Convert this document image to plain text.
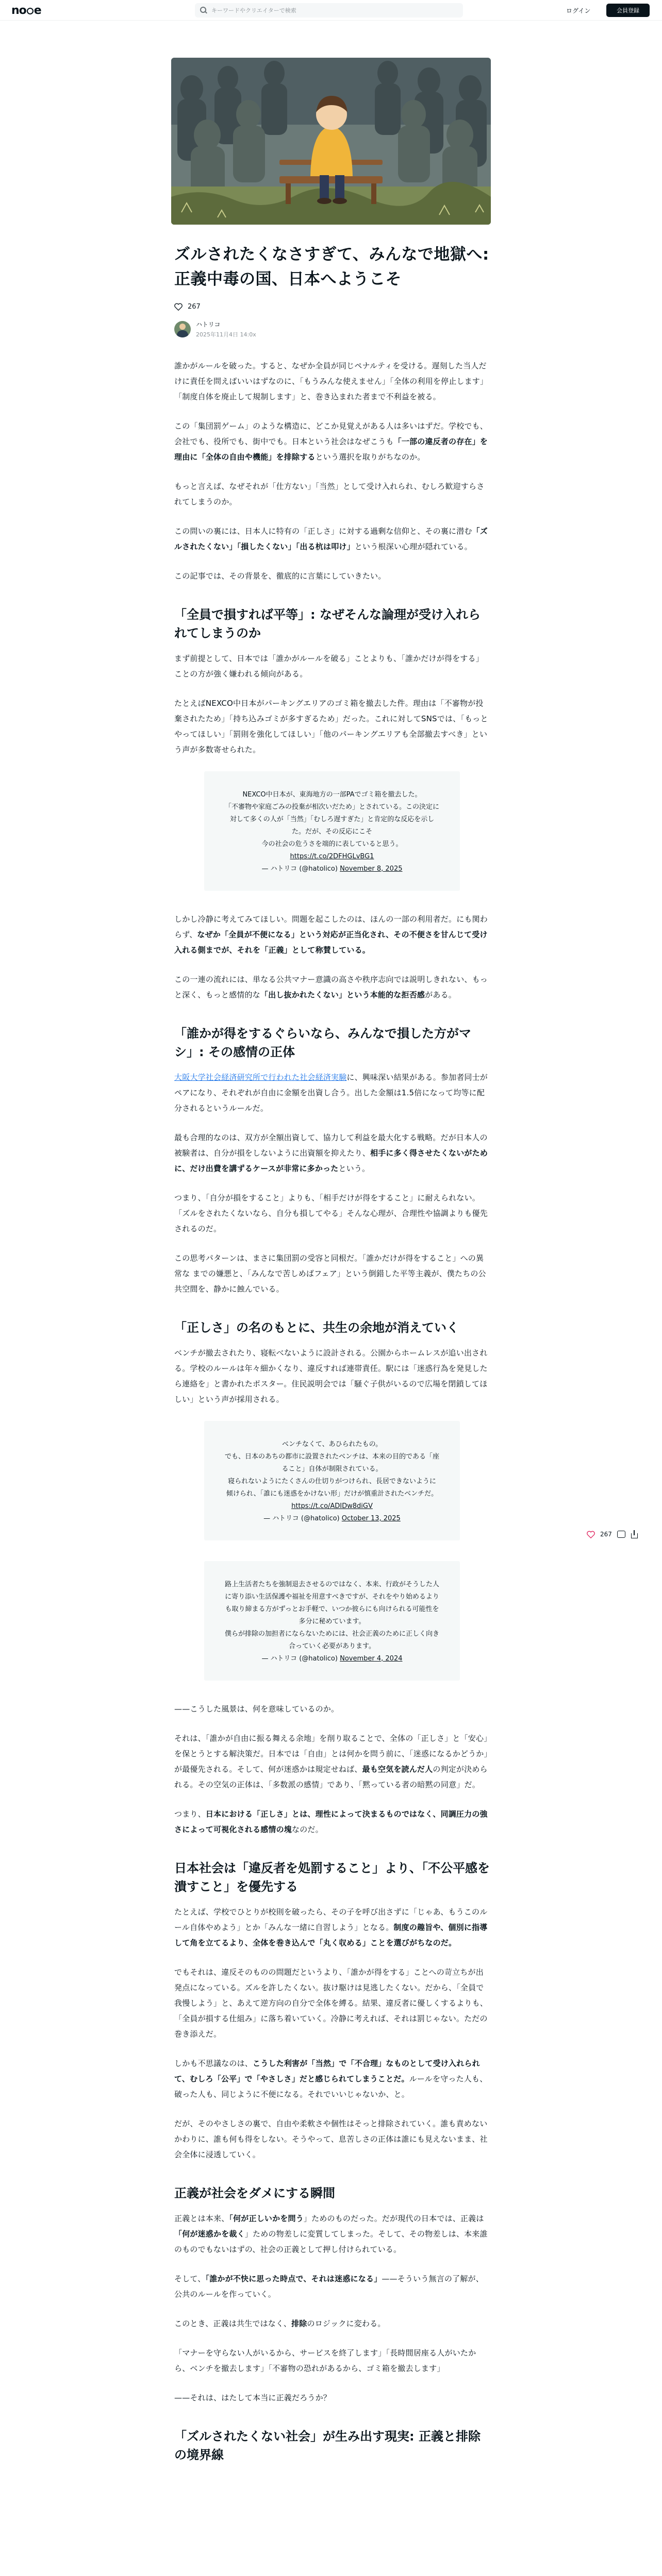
no e	キーワードやクリエイターで検索	ログイン	会員登録
ズルされたくなさすぎて、みんなで地獄へ: 正義中毒の国、日本へようこそ
267
ハトリコ
2025年11月4日 14:0x

誰かがルールを破った。すると、なぜか全員が同じペナルティを受ける。遅刻した当人だけに責任を問えばいいはずなのに、「もうみんな使えません」「全体の利用を停止します」「制度自体を廃止して規制します」と、巻き込まれた者まで不利益を被る。

この「集団罰ゲーム」のような構造に、どこか見覚えがある人は多いはずだ。学校でも、会社でも、役所でも、街中でも。日本という社会はなぜこうも「一部の違反者の存在」を理由に「全体の自由や機能」を排除するという選択を取りがちなのか。

もっと言えば、なぜそれが「仕方ない」「当然」として受け入れられ、むしろ歓迎すらされてしまうのか。

この問いの裏には、日本人に特有の「正しさ」に対する過剰な信仰と、その裏に潜む「ズルされたくない」「損したくない」「出る杭は叩け」という根深い心理が隠れている。

この記事では、その背景を、徹底的に言葉にしていきたい。

「全員で損すれば平等」: なぜそんな論理が受け入れられてしまうのか

まず前提として、日本では「誰かがルールを破る」ことよりも、「誰かだけが得をする」ことの方が強く嫌われる傾向がある。

たとえばNEXCO中日本がパーキングエリアのゴミ箱を撤去した件。理由は「不審物が投棄されたため」「持ち込みゴミが多すぎるため」だった。これに対してSNSでは、「もっとやってほしい」「罰則を強化してほしい」「他のパーキングエリアも全部撤去すべき」という声が多数寄せられた。

NEXCO中日本が、東海地方の一部PAでゴミ箱を撤去した。
「不審物や家庭ごみの投棄が相次いだため」とされている。この決定に対して多くの人が「当然」「むしろ遅すぎた」と肯定的な反応を示した。だが、その反応にこそ
今の社会の危うさを端的に表していると思う。
https://t.co/2DFHGLvBG1
— ハトリコ (@hatolico) November 8, 2025

しかし冷静に考えてみてほしい。問題を起こしたのは、ほんの一部の利用者だ。にも関わらず、なぜか「全員が不便になる」という対応が正当化され、その不便さを甘んじて受け入れる側までが、それを「正義」として称賛している。

この一連の流れには、単なる公共マナー意識の高さや秩序志向では説明しきれない、もっと深く、もっと感情的な「出し抜かれたくない」という本能的な拒否感がある。

「誰かが得をするぐらいなら、みんなで損した方がマシ」: その感情の正体

大阪大学社会経済研究所で行われた社会経済実験に、興味深い結果がある。参加者同士がペアになり、それぞれが自由に金額を出資し合う。出した金額は1.5倍になって均等に配分されるというルールだ。

最も合理的なのは、双方が全額出資して、協力して利益を最大化する戦略。だが日本人の被験者は、自分が損をしないように出資額を抑えたり、相手に多く得させたくないがために、だけ出費を講ずるケースが非常に多かったという。

つまり、「自分が損をすること」よりも、「相手だけが得をすること」に耐えられない。「ズルをされたくないなら、自分も損してやる」そんな心理が、合理性や協調よりも優先されるのだ。

この思考パターンは、まさに集団罰の受容と同根だ。「誰かだけが得をすること」への異常な までの嫌悪と、「みんなで苦しめばフェア」という倒錯した平等主義が、僕たちの公共空間を、静かに蝕んでいる。

「正しさ」の名のもとに、共生の余地が消えていく

ベンチが撤去されたり、寝転べないように設計される。公園からホームレスが追い出される。学校のルールは年々細かくなり、違反すれば連帯責任。駅には「迷惑行為を発見したら連絡を」と書かれたポスター。住民説明会では「騒ぐ子供がいるので広場を閉鎖してほしい」という声が採用される。

ベンチなくて、あひられたもの。
でも、日本のあちの都市に設置されたベンチは、本来の目的である「座ること」自体が制限されている。
寝られないようにたくさんの仕切りがつけられ、長居できないように傾けられ、「誰にも迷惑をかけない形」だけが慎重計されたベンチだ。
https://t.co/ADIDw8diGV
— ハトリコ (@hatolico) October 13, 2025
路上生活者たちを強制退去させるのではなく、本来、行政がそうした人に寄り添い生活保護や福祉を用意すべきですが、それをやり始めるよりも取り締まる方がずっとお手軽で、いつか彼らにも向けられる可能性を多分に秘めています。
僕らが排除の加担者にならないためには、社会正義のために正しく向き合っていく必要があります。
— ハトリコ (@hatolico) November 4, 2024

——こうした風景は、何を意味しているのか。

それは、「誰かが自由に振る舞える余地」を削り取ることで、全体の「正しさ」と「安心」を保とうとする解決策だ。日本では「自由」とは何かを問う前に、「迷惑になるかどうか」が最優先される。そして、何が迷惑かは規定せねば、最も空気を読んだ人の判定が決められる。その空気の正体は、「多数派の感情」であり、「黙っている者の暗黙の同意」だ。

つまり、日本における「正しさ」とは、理性によって決まるものではなく、同調圧力の強さによって可視化される感情の塊なのだ。

日本社会は「違反者を処罰すること」より、「不公平感を潰すこと」を優先する

たとえば、学校でひとりが校則を破ったら、その子を呼び出さずに「じゃあ、もうこのルール自体やめよう」とか「みんな一緒に自習しよう」となる。制度の趣旨や、個別に指導して角を立てるより、全体を巻き込んで「丸く収める」ことを選びがちなのだ。

でもそれは、違反そのものの問題だというより、「誰かが得をする」ことへの苛立ちが出発点になっている。ズルを許したくない。抜け駆けは見逃したくない。だから、「全員で我慢しよう」と、あえて逆方向の自分で全体を縛る。結果、違反者に優しくするよりも、「全員が損する仕組み」に落ち着いていく。冷静に考えれば、それは罰じゃない。ただの巻き添えだ。

しかも不思議なのは、こうした利害が「当然」で「不合理」なものとして受け入れられて、むしろ「公平」で「やさしさ」だと感じられてしまうことだ。ルールを守った人も、破った人も、同じように不便になる。それでいいじゃないか、と。

だが、そのやさしさの裏で、自由や柔軟さや個性はそっと排除されていく。誰も責めないかわりに、誰も何も得をしない。そうやって、息苦しさの正体は誰にも見えないまま、社会全体に浸透していく。

正義が社会をダメにする瞬間

正義とは本来、「何が正しいかを問う」ためのものだった。だが現代の日本では、正義は「何が迷惑かを裁く」ための物差しに変質してしまった。そして、その物差しは、本来誰のものでもないはずの、社会の正義として押し付けられている。

そして、「誰かが不快に思った時点で、それは迷惑になる」——そういう無言の了解が、公共のルールを作っていく。

このとき、正義は共生ではなく、排除のロジックに変わる。

「マナーを守らない人がいるから、サービスを終了します」「長時間居座る人がいたから、ベンチを撤去します」「不審物の恐れがあるから、ゴミ箱を撤去します」

——それは、はたして本当に正義だろうか？

「ズルされたくない社会」が生み出す現実: 正義と排除の境界線
267
